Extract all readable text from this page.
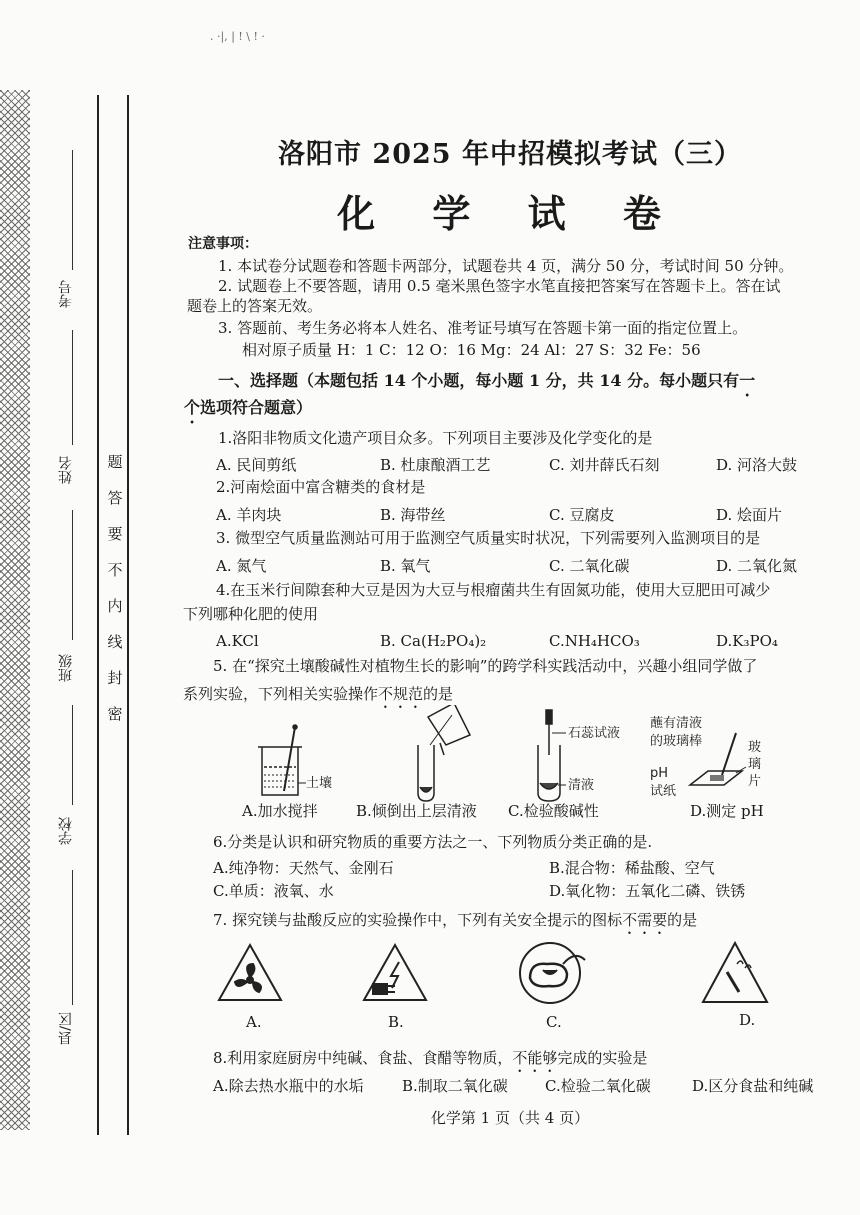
. ·|, | ! \ ! ·
考号
姓名
班级
学校
县/区
题
答
要
不
内
线
封
密
洛阳市 2025 年中招模拟考试（三）
化 学 试 卷
注意事项：
1. 本试卷分试题卷和答题卡两部分，试题卷共 4 页，满分 50 分，考试时间 50 分钟。
2. 试题卷上不要答题，请用 0.5 毫米黑色签字水笔直接把答案写在答题卡上。答在试
题卷上的答案无效。
3. 答题前、考生务必将本人姓名、准考证号填写在答题卡第一面的指定位置上。
相对原子质量 H：1 C：12 O：16 Mg：24 Al：27 S：32 Fe：56
一、选择题（本题包括 14 个小题，每小题 1 分，共 14 分。每小题只有一
个选项符合题意）
1.洛阳非物质文化遗产项目众多。下列项目主要涉及化学变化的是
A. 民间剪纸	B. 杜康酿酒工艺	C. 刘井薛氏石刻	D. 河洛大鼓
2.河南烩面中富含糖类的食材是
A. 羊肉块	B. 海带丝	C. 豆腐皮	D. 烩面片
3. 微型空气质量监测站可用于监测空气质量实时状况，下列需要列入监测项目的是
A. 氮气	B. 氧气	C. 二氧化碳	D. 二氧化氮
4.在玉米行间隙套种大豆是因为大豆与根瘤菌共生有固氮功能，使用大豆肥田可减少
下列哪种化肥的使用
A.KCl	B. Ca(H₂PO₄)₂	C.NH₄HCO₃	D.K₃PO₄
5. 在“探究土壤酸碱性对植物生长的影响”的跨学科实践活动中，兴趣小组同学做了
系列实验，下列相关实验操作不规范的是
土壤
石蕊试液
清液
蘸有清液
的玻璃棒
pH
试纸
玻
璃
片
A.加水搅拌	B.倾倒出上层清液 C.检验酸碱性	D.测定 pH
6.分类是认识和研究物质的重要方法之一、下列物质分类正确的是.
A.纯净物：天然气、金刚石	B.混合物：稀盐酸、空气
C.单质：液氧、水	D.氧化物：五氧化二磷、铁锈
7. 探究镁与盐酸反应的实验操作中，下列有关安全提示的图标不需要的是
A.	B.	C.	D.
8.利用家庭厨房中纯碱、食盐、食醋等物质，不能够完成的实验是
A.除去热水瓶中的水垢	B.制取二氧化碳 C.检验二氧化碳	D.区分食盐和纯碱
化学第 1 页（共 4 页）
